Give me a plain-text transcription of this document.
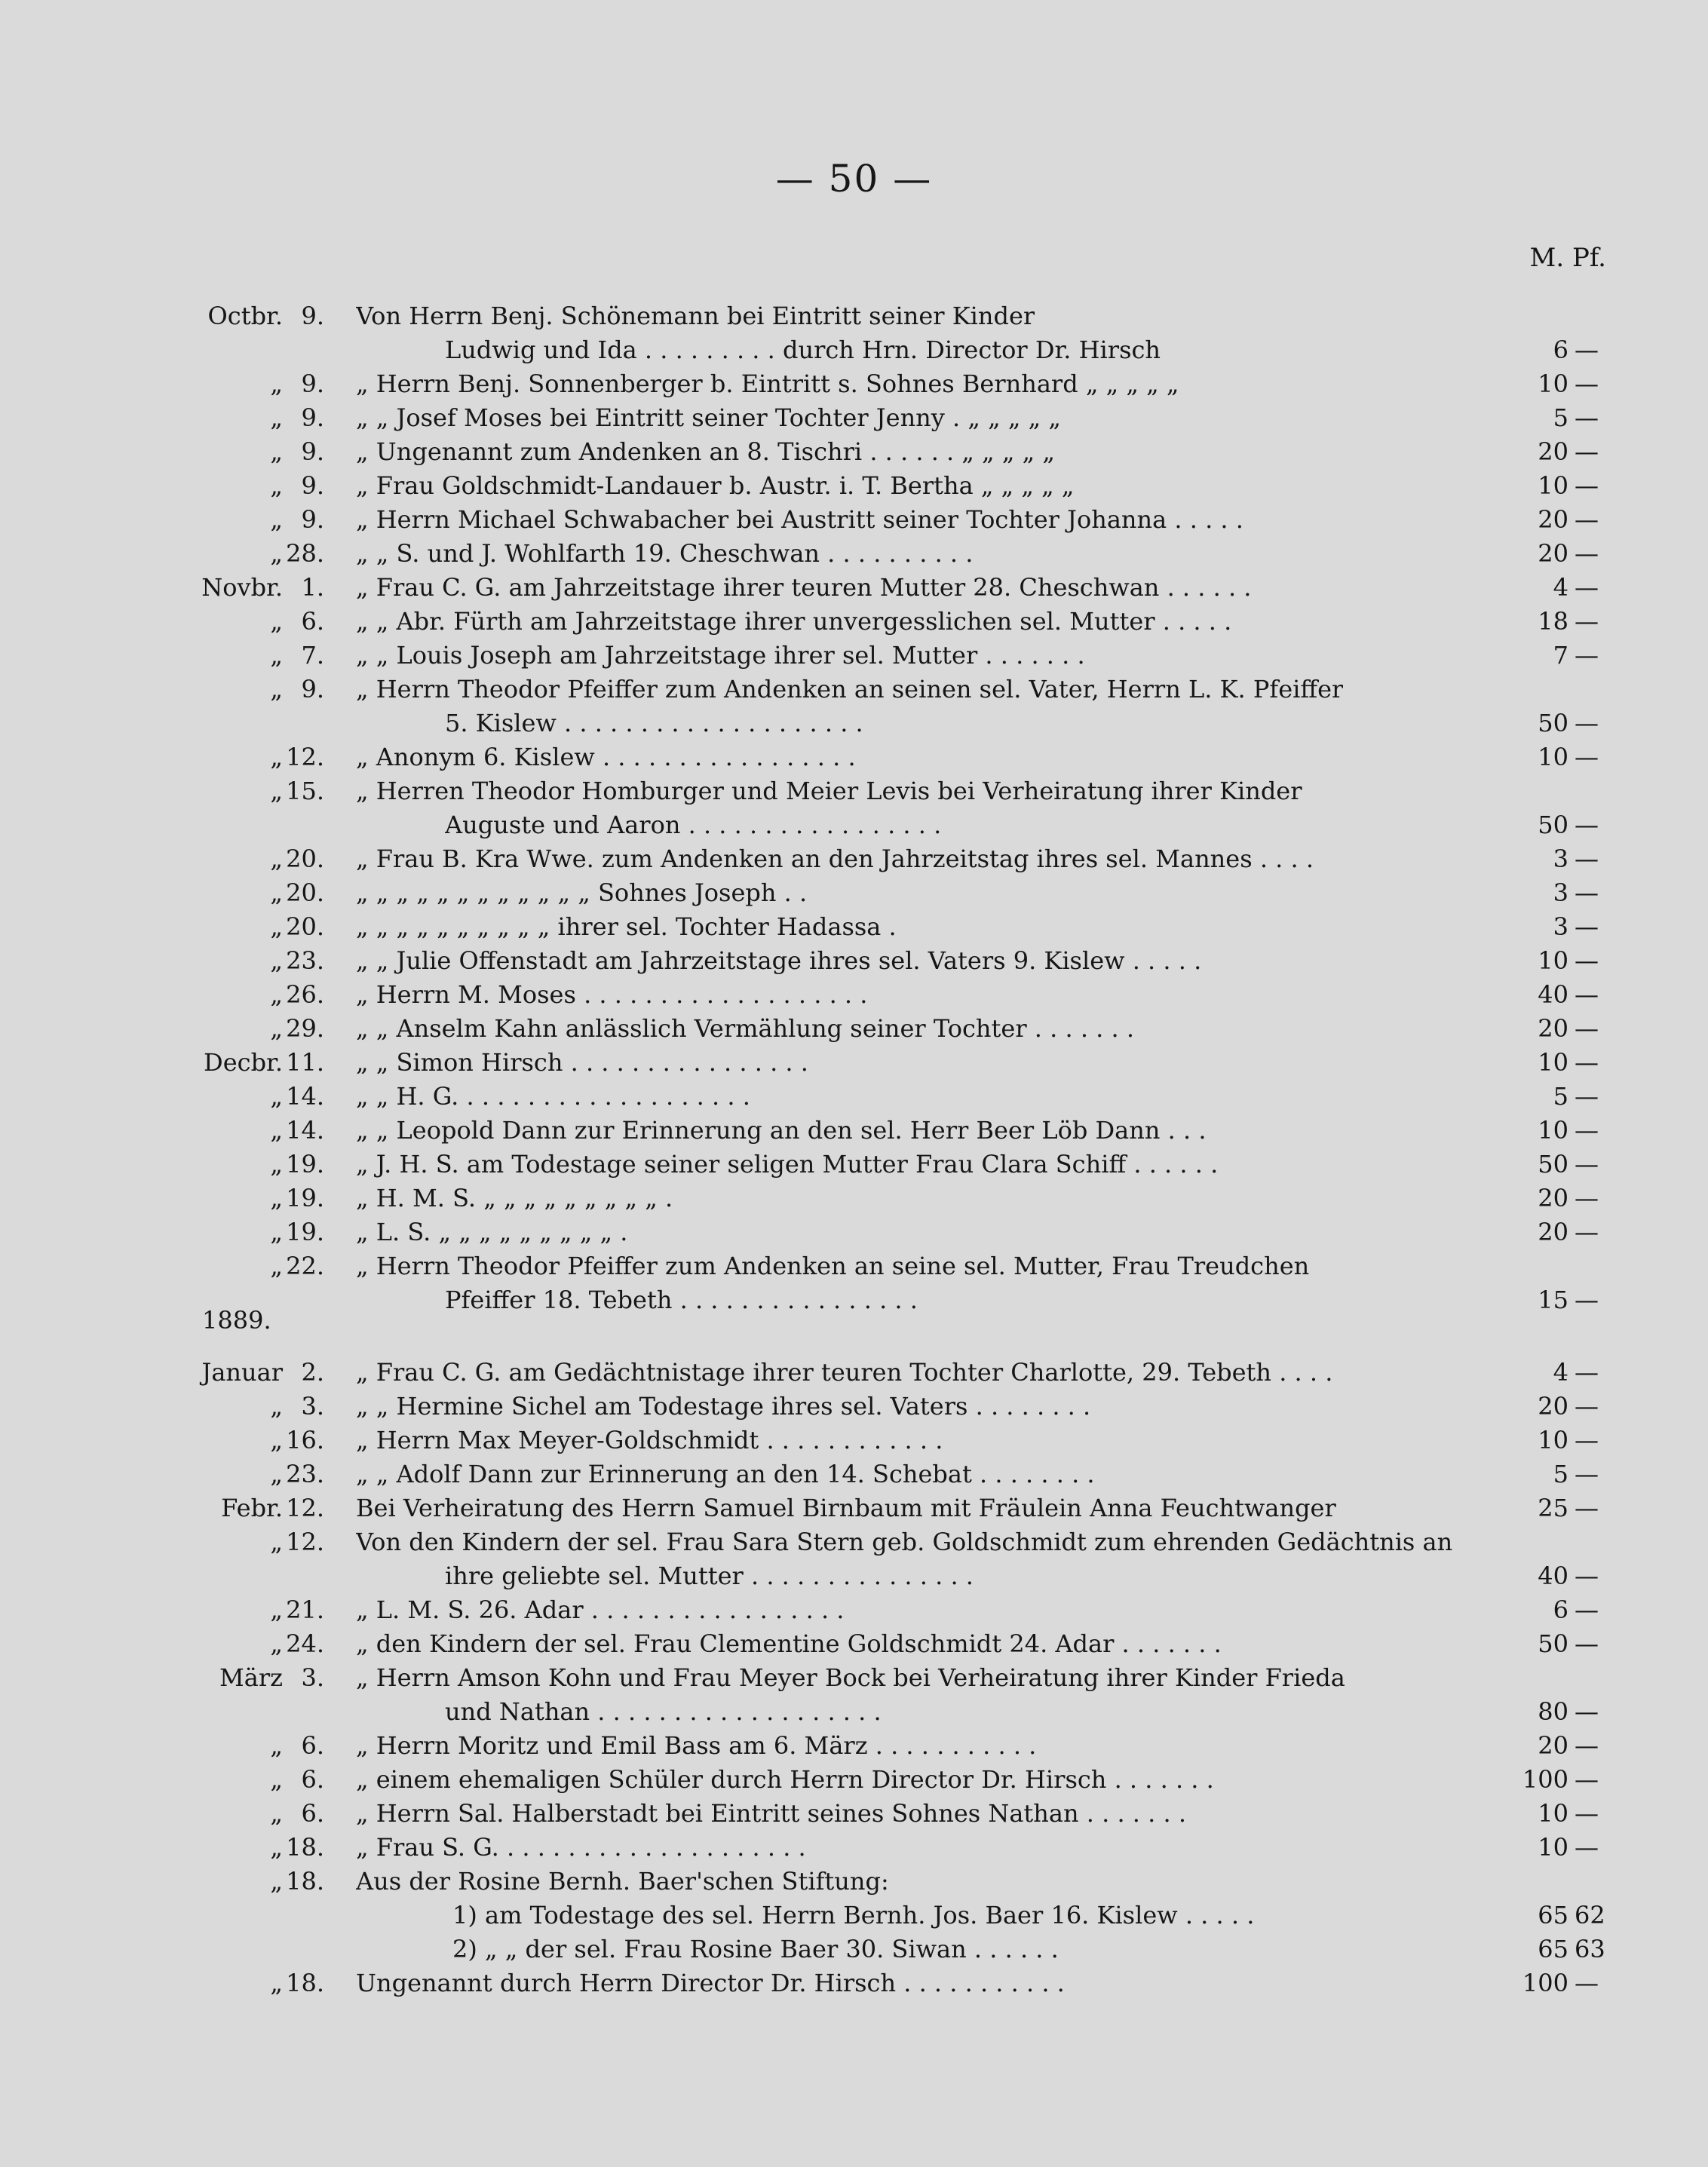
— 50 —
M. Pf.
1889.
Octbr. 9. Von Herrn Benj. Schönemann bei Eintritt seiner Kinder
Ludwig und Ida . . . . . . . . . durch Hrn. Director Dr. Hirsch	6 —
„ 9. „ Herrn Benj. Sonnenberger b. Eintritt s. Sohnes Bernhard „ „ „ „ „	10 —
„ 9. „ „ Josef Moses bei Eintritt seiner Tochter Jenny . „ „ „ „ „	5 —
„ 9. „ Ungenannt zum Andenken an 8. Tischri . . . . . . „ „ „ „ „	20 —
„ 9. „ Frau Goldschmidt-Landauer b. Austr. i. T. Bertha „ „ „ „ „	10 —
„ 9. „ Herrn Michael Schwabacher bei Austritt seiner Tochter Johanna . . . . .	20 —
„ 28. „ „ S. und J. Wohlfarth 19. Cheschwan . . . . . . . . . .	20 —
Novbr. 1. „ Frau C. G. am Jahrzeitstage ihrer teuren Mutter 28. Cheschwan . . . . . .	4 —
„ 6. „ „ Abr. Fürth am Jahrzeitstage ihrer unvergesslichen sel. Mutter . . . . .	18 —
„ 7. „ „ Louis Joseph am Jahrzeitstage ihrer sel. Mutter . . . . . . .	7 —
„ 9. „ Herrn Theodor Pfeiffer zum Andenken an seinen sel. Vater, Herrn L. K. Pfeiffer
5. Kislew . . . . . . . . . . . . . . . . . . . .	50 —
„ 12. „ Anonym 6. Kislew . . . . . . . . . . . . . . . . .	10 —
„ 15. „ Herren Theodor Homburger und Meier Levis bei Verheiratung ihrer Kinder
Auguste und Aaron . . . . . . . . . . . . . . . . .	50 —
„ 20. „ Frau B. Kra Wwe. zum Andenken an den Jahrzeitstag ihres sel. Mannes . . . .	3 —
„ 20. „ „ „ „ „ „ „ „ „ „ „ „ Sohnes Joseph . .	3 —
„ 20. „ „ „ „ „ „ „ „ „ „ ihrer sel. Tochter Hadassa .	3 —
„ 23. „ „ Julie Offenstadt am Jahrzeitstage ihres sel. Vaters 9. Kislew . . . . .	10 —
„ 26. „ Herrn M. Moses . . . . . . . . . . . . . . . . . . .	40 —
„ 29. „ „ Anselm Kahn anlässlich Vermählung seiner Tochter . . . . . . .	20 —
Decbr. 11. „ „ Simon Hirsch . . . . . . . . . . . . . . . .	10 —
„ 14. „ „ H. G. . . . . . . . . . . . . . . . . . . .	5 —
„ 14. „ „ Leopold Dann zur Erinnerung an den sel. Herr Beer Löb Dann . . .	10 —
„ 19. „ J. H. S. am Todestage seiner seligen Mutter Frau Clara Schiff . . . . . .	50 —
„ 19. „ H. M. S. „ „ „ „ „ „ „ „ „ .	20 —
„ 19. „ L. S. „ „ „ „ „ „ „ „ „ .	20 —
„ 22. „ Herrn Theodor Pfeiffer zum Andenken an seine sel. Mutter, Frau Treudchen
Pfeiffer 18. Tebeth . . . . . . . . . . . . . . . .	15 —
Januar 2. „ Frau C. G. am Gedächtnistage ihrer teuren Tochter Charlotte, 29. Tebeth . . . .	4 —
„ 3. „ „ Hermine Sichel am Todestage ihres sel. Vaters . . . . . . . .	20 —
„ 16. „ Herrn Max Meyer-Goldschmidt . . . . . . . . . . . .	10 —
„ 23. „ „ Adolf Dann zur Erinnerung an den 14. Schebat . . . . . . . .	5 —
Febr. 12. Bei Verheiratung des Herrn Samuel Birnbaum mit Fräulein Anna Feuchtwanger	25 —
„ 12. Von den Kindern der sel. Frau Sara Stern geb. Goldschmidt zum ehrenden Gedächtnis an
ihre geliebte sel. Mutter . . . . . . . . . . . . . . .	40 —
„ 21. „ L. M. S. 26. Adar . . . . . . . . . . . . . . . . .	6 —
„ 24. „ den Kindern der sel. Frau Clementine Goldschmidt 24. Adar . . . . . . .	50 —
März 3. „ Herrn Amson Kohn und Frau Meyer Bock bei Verheiratung ihrer Kinder Frieda
und Nathan . . . . . . . . . . . . . . . . . . .	80 —
„ 6. „ Herrn Moritz und Emil Bass am 6. März . . . . . . . . . . .	20 —
„ 6. „ einem ehemaligen Schüler durch Herrn Director Dr. Hirsch . . . . . . .	100 —
„ 6. „ Herrn Sal. Halberstadt bei Eintritt seines Sohnes Nathan . . . . . . .	10 —
„ 18. „ Frau S. G. . . . . . . . . . . . . . . . . . . . .	10 —
„ 18. Aus der Rosine Bernh. Baer'schen Stiftung:
1) am Todestage des sel. Herrn Bernh. Jos. Baer 16. Kislew . . . . .	65 62
2) „ „ der sel. Frau Rosine Baer 30. Siwan . . . . . .	65 63
„ 18. Ungenannt durch Herrn Director Dr. Hirsch . . . . . . . . . . .	100 —
